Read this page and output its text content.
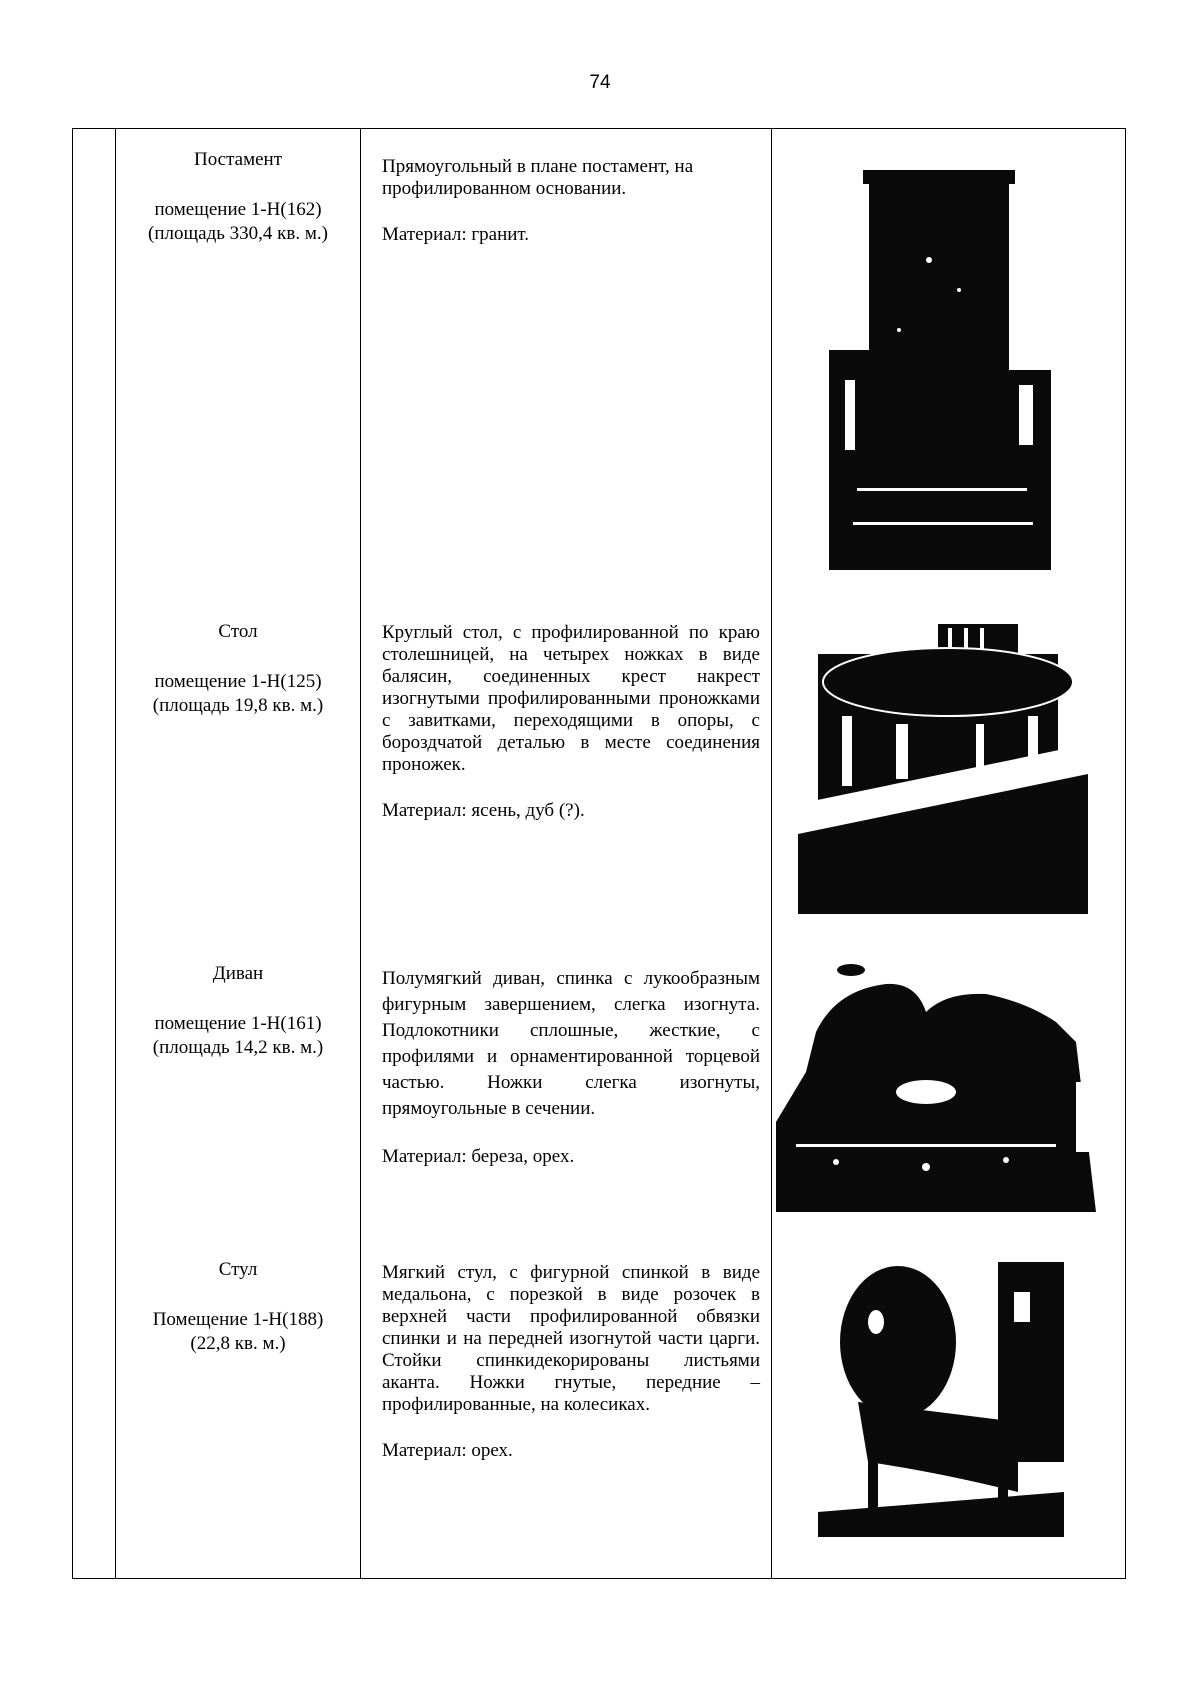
74
Постамент
помещение 1-Н(162)
(площадь 330,4 кв. м.)
Прямоугольный в плане постамент, на профилированном основании.
Материал: гранит.
Стол
помещение 1-Н(125)
(площадь 19,8 кв. м.)
Круглый стол, с профилированной по краю столешницей, на четырех ножках в виде балясин, соединенных крест накрест изогнутыми профилированными проножками с завитками, переходящими в опоры, с бороздчатой деталью в месте соединения проножек.
Материал: ясень, дуб (?).
Диван
помещение 1-Н(161)
(площадь 14,2 кв. м.)
Полумягкий диван, спинка с лукообразным фигурным завершением, слегка изогнута. Подлокотники сплошные, жесткие, с профилями и орнаментированной торцевой частью. Ножки слегка изогнуты, прямоугольные в сечении.
Материал: береза, орех.
Стул
Помещение 1-Н(188)
(22,8 кв. м.)
Мягкий стул, с фигурной спинкой в виде медальона, с порезкой в виде розочек в верхней части профилированной обвязки спинки и на передней изогнутой части царги. Стойки спинкидекорированы листьями аканта. Ножки гнутые, передние – профилированные, на колесиках.
Материал: орех.
